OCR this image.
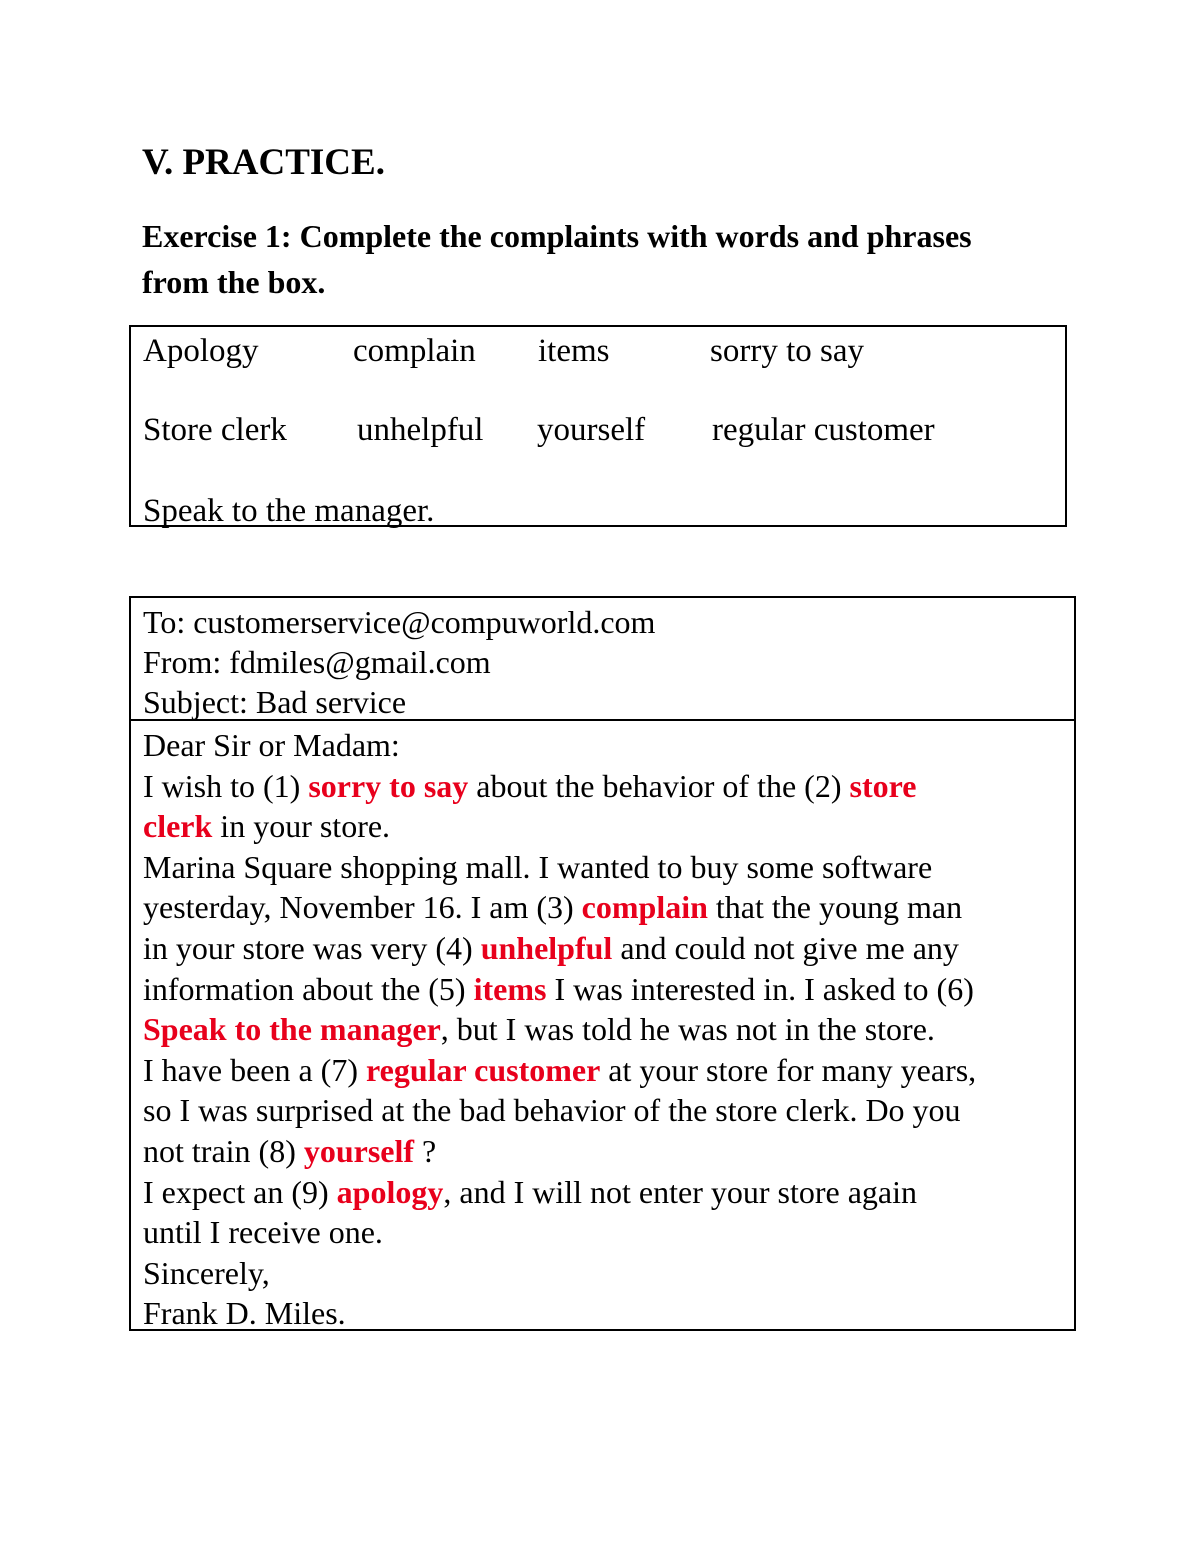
V. PRACTICE.
Exercise 1: Complete the complaints with words and phrases
from the box.
Apology	complain items	sorry to say
Store clerk unhelpful yourself regular customer
Speak to the manager.
To: customerservice@compuworld.com
From: fdmiles@gmail.com
Subject: Bad service
Dear Sir or Madam:
I wish to (1) sorry to say about the behavior of the (2) store
clerk in your store.
Marina Square shopping mall. I wanted to buy some software
yesterday, November 16. I am (3) complain that the young man
in your store was very (4) unhelpful and could not give me any
information about the (5) items I was interested in. I asked to (6)
Speak to the manager, but I was told he was not in the store.
I have been a (7) regular customer at your store for many years,
so I was surprised at the bad behavior of the store clerk. Do you
not train (8) yourself ?
I expect an (9) apology, and I will not enter your store again
until I receive one.
Sincerely,
Frank D. Miles.
